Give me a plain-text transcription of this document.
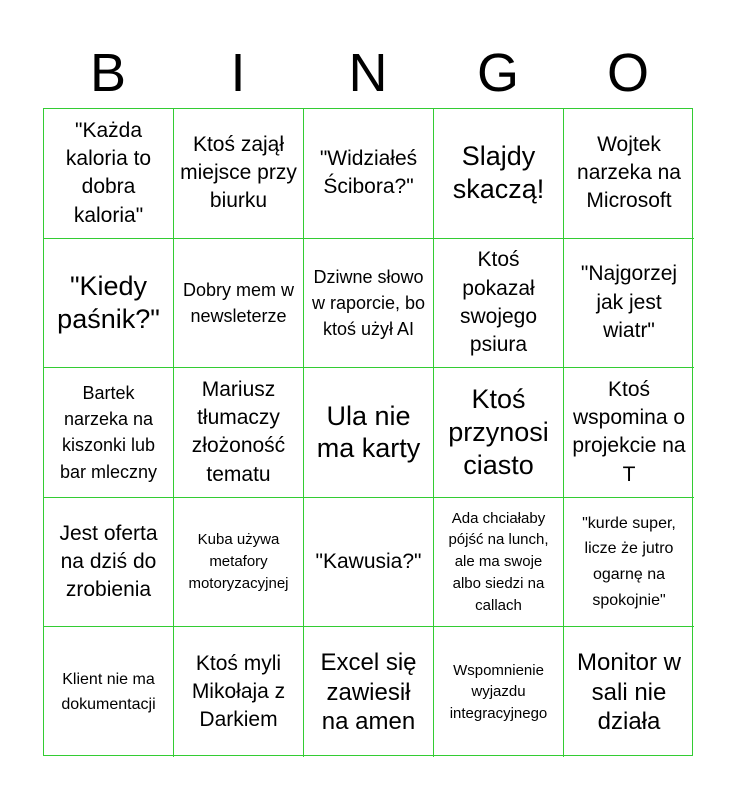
B	I	N	G	O
"Każda kaloria to dobra kaloria"
Ktoś zajął miejsce przy biurku
"Widziałeś Ścibora?"
Slajdy skaczą!
Wojtek narzeka na Microsoft
"Kiedy paśnik?"
Dobry mem w newsleterze
Dziwne słowo w raporcie, bo ktoś użył AI
Ktoś pokazał swojego psiura
"Najgorzej jak jest wiatr"
Bartek narzeka na kiszonki lub bar mleczny
Mariusz tłumaczy złożoność tematu
Ula nie ma karty
Ktoś przynosi ciasto
Ktoś wspomina o projekcie na T
Jest oferta na dziś do zrobienia
Kuba używa metafory motoryzacyjnej
"Kawusia?"
Ada chciałaby pójść na lunch, ale ma swoje albo siedzi na callach
"kurde super, licze że jutro ogarnę na spokojnie"
Klient nie ma dokumentacji
Ktoś myli Mikołaja z Darkiem
Excel się zawiesił na amen
Wspomnienie wyjazdu integracyjnego
Monitor w sali nie działa
